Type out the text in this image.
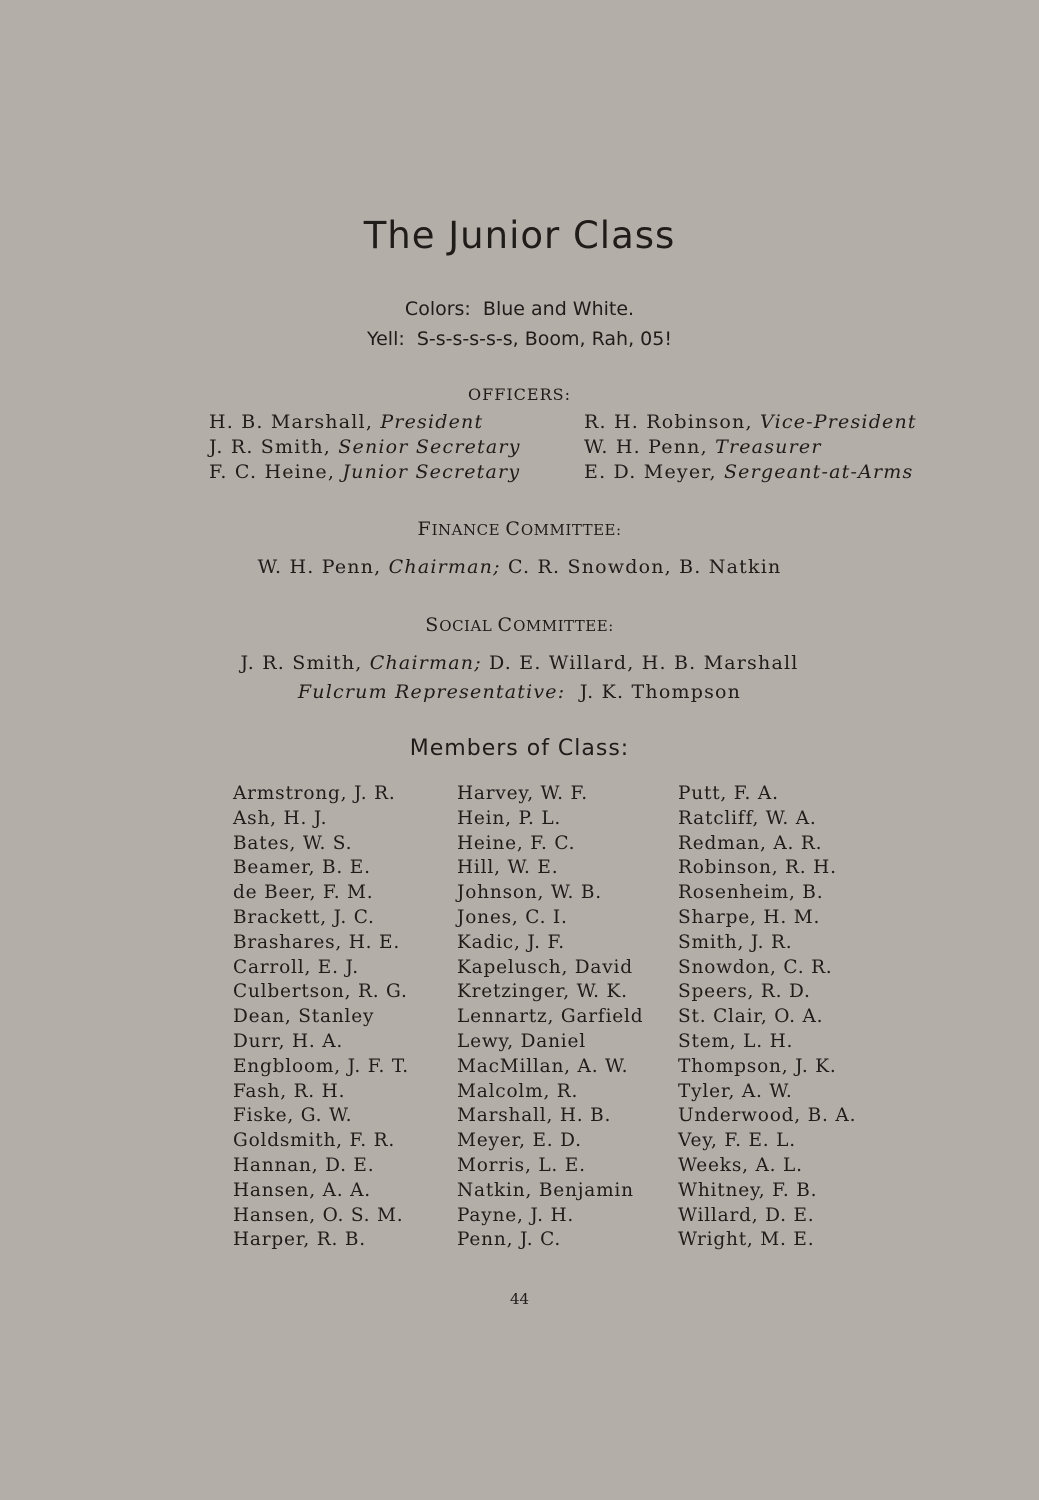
The Junior Class
Colors: Blue and White.
Yell: S-s-s-s-s-s, Boom, Rah, 05!
OFFICERS:
H. B. Marshall, President
J. R. Smith, Senior Secretary
F. C. Heine, Junior Secretary
R. H. Robinson, Vice-President
W. H. Penn, Treasurer
E. D. Meyer, Sergeant-at-Arms
FINANCE COMMITTEE:
W. H. Penn, Chairman; C. R. Snowdon, B. Natkin
SOCIAL COMMITTEE:
J. R. Smith, Chairman; D. E. Willard, H. B. Marshall
Fulcrum Representative: J. K. Thompson
Members of Class:
Armstrong, J. R.
Ash, H. J.
Bates, W. S.
Beamer, B. E.
de Beer, F. M.
Brackett, J. C.
Brashares, H. E.
Carroll, E. J.
Culbertson, R. G.
Dean, Stanley
Durr, H. A.
Engbloom, J. F. T.
Fash, R. H.
Fiske, G. W.
Goldsmith, F. R.
Hannan, D. E.
Hansen, A. A.
Hansen, O. S. M.
Harper, R. B.
Harvey, W. F.
Hein, P. L.
Heine, F. C.
Hill, W. E.
Johnson, W. B.
Jones, C. I.
Kadic, J. F.
Kapelusch, David
Kretzinger, W. K.
Lennartz, Garfield
Lewy, Daniel
MacMillan, A. W.
Malcolm, R.
Marshall, H. B.
Meyer, E. D.
Morris, L. E.
Natkin, Benjamin
Payne, J. H.
Penn, J. C.
Putt, F. A.
Ratcliff, W. A.
Redman, A. R.
Robinson, R. H.
Rosenheim, B.
Sharpe, H. M.
Smith, J. R.
Snowdon, C. R.
Speers, R. D.
St. Clair, O. A.
Stem, L. H.
Thompson, J. K.
Tyler, A. W.
Underwood, B. A.
Vey, F. E. L.
Weeks, A. L.
Whitney, F. B.
Willard, D. E.
Wright, M. E.
44
